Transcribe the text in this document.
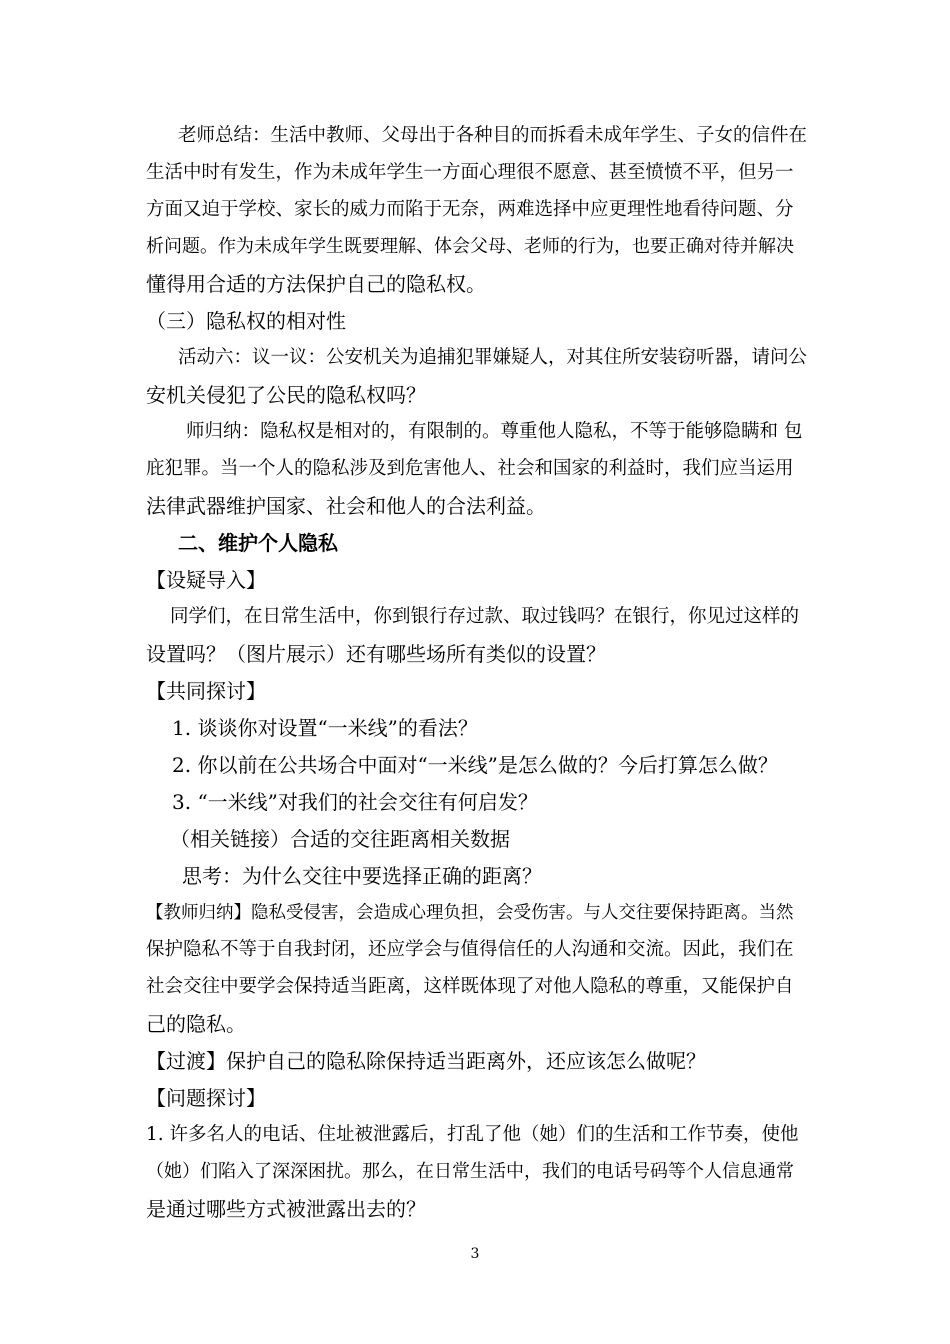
老师总结：生活中教师、父母出于各种目的而拆看未成年学生、子女的信件在
生活中时有发生，作为未成年学生一方面心理很不愿意、甚至愤愤不平，但另一
方面又迫于学校、家长的威力而陷于无奈，两难选择中应更理性地看待问题、分
析问题。作为未成年学生既要理解、体会父母、老师的行为，也要正确对待并解决
懂得用合适的方法保护自己的隐私权。
（三）隐私权的相对性
活动六：议一议：公安机关为追捕犯罪嫌疑人，对其住所安装窃听器，请问公
安机关侵犯了公民的隐私权吗？
师归纳：隐私权是相对的，有限制的。尊重他人隐私，不等于能够隐瞒和 包
庇犯罪。当一个人的隐私涉及到危害他人、社会和国家的利益时，我们应当运用
法律武器维护国家、社会和他人的合法利益。
二、维护个人隐私
【设疑导入】
同学们，在日常生活中，你到银行存过款、取过钱吗？在银行，你见过这样的
设置吗？（图片展示）还有哪些场所有类似的设置？
【共同探讨】
1. 谈谈你对设置“一米线”的看法？
2. 你以前在公共场合中面对“一米线”是怎么做的？今后打算怎么做？
3. “一米线”对我们的社会交往有何启发？
（相关链接）合适的交往距离相关数据
思考：为什么交往中要选择正确的距离？
【教师归纳】隐私受侵害，会造成心理负担，会受伤害。与人交往要保持距离。当然
保护隐私不等于自我封闭，还应学会与值得信任的人沟通和交流。因此，我们在
社会交往中要学会保持适当距离，这样既体现了对他人隐私的尊重，又能保护自
己的隐私。
【过渡】保护自己的隐私除保持适当距离外，还应该怎么做呢？
【问题探讨】
1. 许多名人的电话、住址被泄露后，打乱了他（她）们的生活和工作节奏，使他
（她）们陷入了深深困扰。那么，在日常生活中，我们的电话号码等个人信息通常
是通过哪些方式被泄露出去的？
3
